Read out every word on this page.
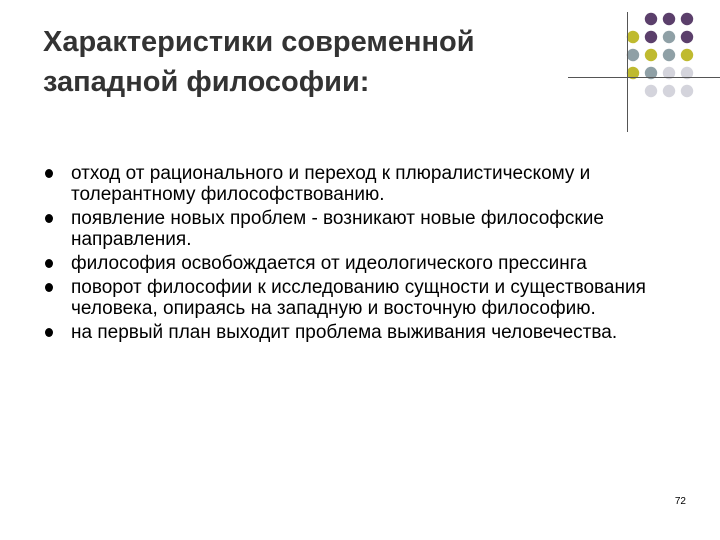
Характеристики современной
западной философии:
отход от рационального и переход к плюралистическому и толерантному философствованию.
появление новых проблем - возникают новые философские направления.
философия освобождается от идеологического прессинга
поворот философии к исследованию сущности и существования человека, опираясь на западную и восточную философию.
на первый план выходит проблема выживания человечества.
72
